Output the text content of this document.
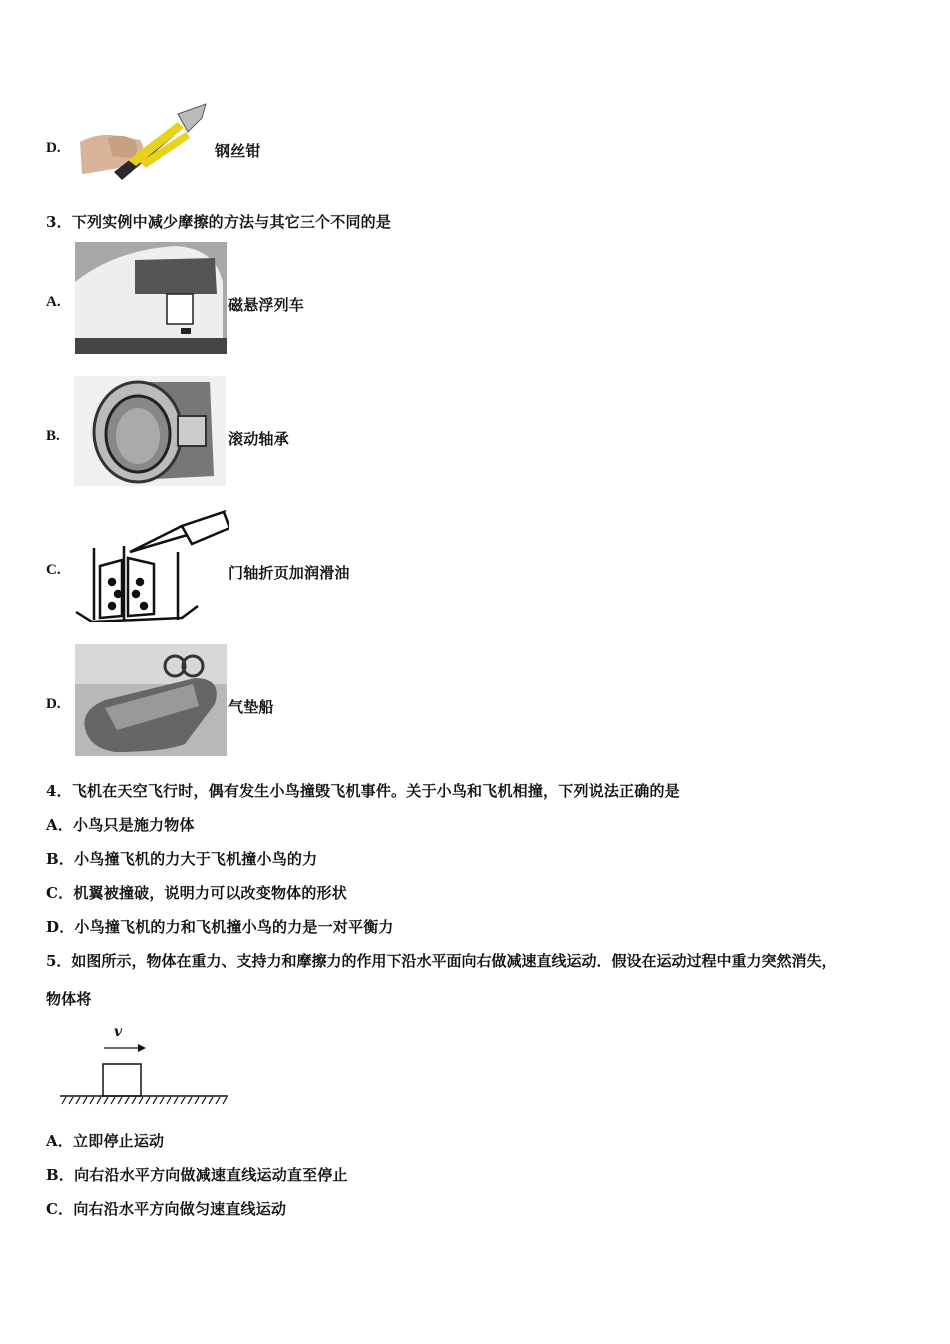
D.	钢丝钳
3．下列实例中减少摩擦的方法与其它三个不同的是
A.	磁悬浮列车
B.	滚动轴承
C.	门轴折页加润滑油
D.	气垫船
4．飞机在天空飞行时，偶有发生小鸟撞毁飞机事件。关于小鸟和飞机相撞，下列说法正确的是
A．小鸟只是施力物体
B．小鸟撞飞机的力大于飞机撞小鸟的力
C．机翼被撞破，说明力可以改变物体的形状
D．小鸟撞飞机的力和飞机撞小鸟的力是一对平衡力
5．如图所示，物体在重力、支持力和摩擦力的作用下沿水平面向右做减速直线运动．假设在运动过程中重力突然消失，
物体将
v
A．立即停止运动
B．向右沿水平方向做减速直线运动直至停止
C．向右沿水平方向做匀速直线运动
